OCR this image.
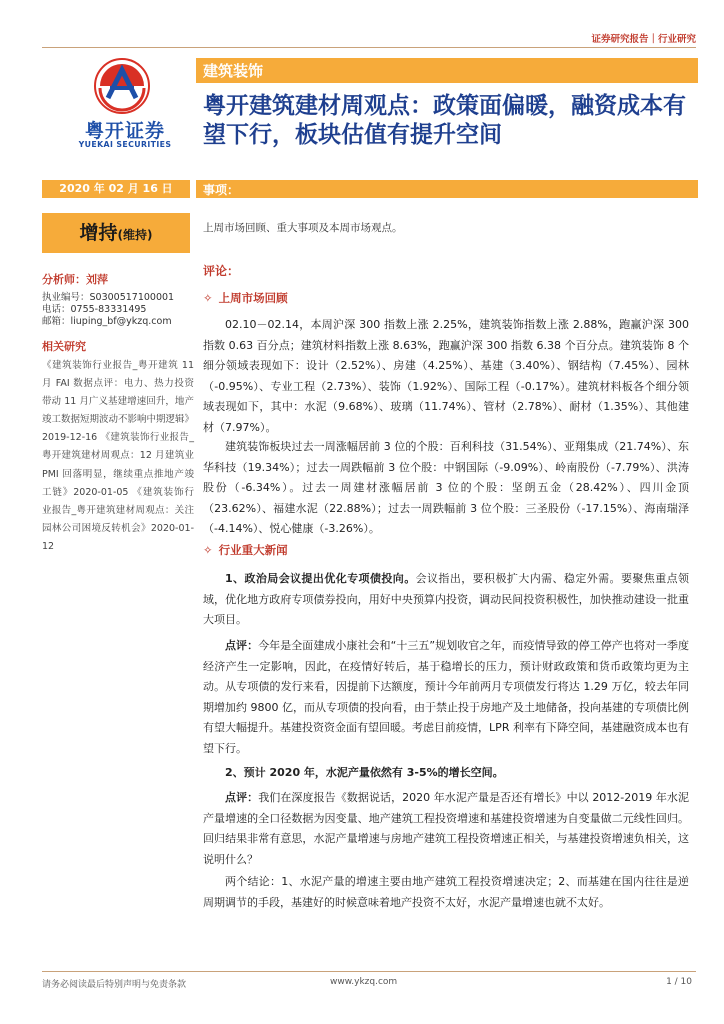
证券研究报告｜行业研究
粤开证券
YUEKAI SECURITIES
建筑装饰
粤开建筑建材周观点：政策面偏暖，融资成本有望下行，板块估值有提升空间
2020 年 02 月 16 日	事项：
增持(维持)
分析师：刘萍
执业编号：S0300517100001
电话：0755-83331495
邮箱：liuping_bf@ykzq.com
相关研究
《建筑装饰行业报告_粤开建筑 11 月 FAI 数据点评：电力、热力投资带动 11 月广义基建增速回升，地产竣工数据短期波动不影响中期逻辑》2019-12-16 《建筑装饰行业报告_粤开建筑建材周观点：12 月建筑业 PMI 回落明显，继续重点推地产竣工链》2020-01-05 《建筑装饰行业报告_粤开建筑建材周观点：关注园林公司困境反转机会》2020-01-12
上周市场回顾、重大事项及本周市场观点。
评论：
✧ 上周市场回顾
02.10－02.14，本周沪深 300 指数上涨 2.25%，建筑装饰指数上涨 2.88%，跑赢沪深 300 指数 0.63 百分点；建筑材料指数上涨 8.63%，跑赢沪深 300 指数 6.38 个百分点。建筑装饰 8 个细分领域表现如下：设计（2.52%）、房建（4.25%）、基建（3.40%）、钢结构（7.45%）、园林（-0.95%）、专业工程（2.73%）、装饰（1.92%）、国际工程（-0.17%）。建筑材料板各个细分领域表现如下，其中：水泥（9.68%）、玻璃（11.74%）、管材（2.78%）、耐材（1.35%）、其他建材（7.97%）。
建筑装饰板块过去一周涨幅居前 3 位的个股：百利科技（31.54%）、亚翔集成（21.74%）、东华科技（19.34%）；过去一周跌幅前 3 位个股：中钢国际（-9.09%）、岭南股份（-7.79%）、洪涛股份（-6.34%）。过去一周建材涨幅居前 3 位的个股：坚朗五金（28.42%）、四川金顶（23.62%）、福建水泥（22.88%）；过去一周跌幅前 3 位个股：三圣股份（-17.15%）、海南瑞泽（-4.14%）、悦心健康（-3.26%）。
✧ 行业重大新闻
1、政治局会议提出优化专项债投向。会议指出，要积极扩大内需、稳定外需。要聚焦重点领域，优化地方政府专项债券投向，用好中央预算内投资，调动民间投资积极性，加快推动建设一批重大项目。
点评：今年是全面建成小康社会和“十三五”规划收官之年，而疫情导致的停工停产也将对一季度经济产生一定影响，因此，在疫情好转后，基于稳增长的压力，预计财政政策和货币政策均更为主动。从专项债的发行来看，因提前下达额度，预计今年前两月专项债发行将达 1.29 万亿，较去年同期增加约 9800 亿，而从专项债的投向看，由于禁止投于房地产及土地储备，投向基建的专项债比例有望大幅提升。基建投资资金面有望回暖。考虑目前疫情，LPR 利率有下降空间，基建融资成本也有望下行。
2、预计 2020 年，水泥产量依然有 3-5%的增长空间。
点评：我们在深度报告《数据说话，2020 年水泥产量是否还有增长》中以 2012-2019 年水泥产量增速的全口径数据为因变量、地产建筑工程投资增速和基建投资增速为自变量做二元线性回归。回归结果非常有意思，水泥产量增速与房地产建筑工程投资增速正相关，与基建投资增速负相关，这说明什么？
两个结论：1、水泥产量的增速主要由地产建筑工程投资增速决定；2、而基建在国内往往是逆周期调节的手段，基建好的时候意味着地产投资不太好，水泥产量增速也就不太好。
请务必阅读最后特别声明与免责条款	www.ykzq.com	1 / 10
